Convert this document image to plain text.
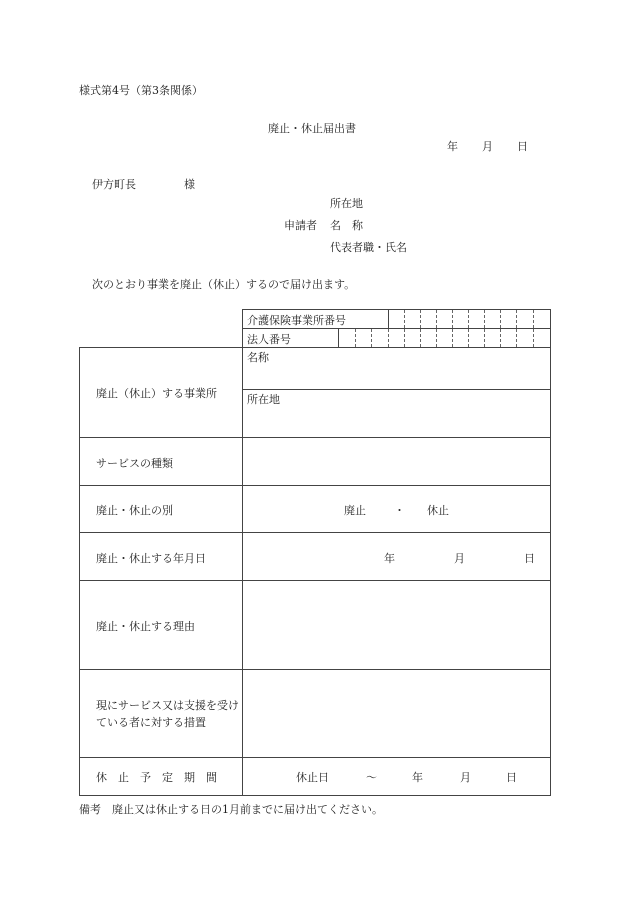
様式第4号（第3条関係）
廃止・休止届出書
年 月 日
伊方町長	様
所在地
申請者 名　称
代表者職・氏名
次のとおり事業を廃止（休止）するので届け出ます。
介護保険事業所番号
法人番号
廃止（休止）する事業所
名称
所在地
サービスの種類
廃止・休止の別	廃止	・ 休止
廃止・休止する年月日	年	月	日
廃止・休止する理由
現にサービス又は支援を受けている者に対する措置
休　止　予　定　期　間	休止日	～	年	月	日
備考　廃止又は休止する日の1月前までに届け出てください。
